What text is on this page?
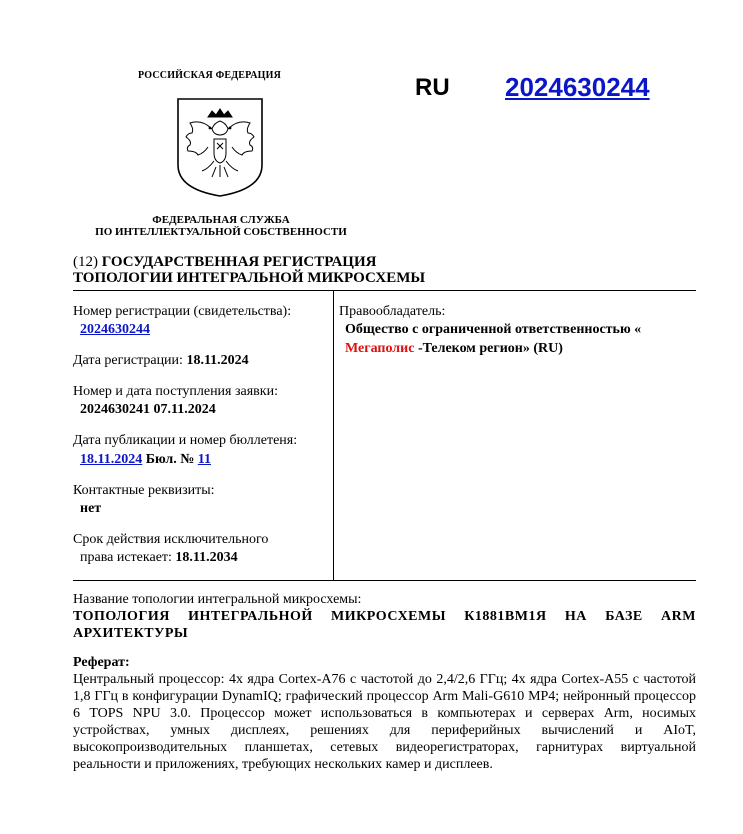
РОССИЙСКАЯ ФЕДЕРАЦИЯ
ФЕДЕРАЛЬНАЯ СЛУЖБА
ПО ИНТЕЛЛЕКТУАЛЬНОЙ СОБСТВЕННОСТИ
RU 2024630244
(12) ГОСУДАРСТВЕННАЯ РЕГИСТРАЦИЯ
ТОПОЛОГИИ ИНТЕГРАЛЬНОЙ МИКРОСХЕМЫ
Номер регистрации (свидетельства):
2024630244
Дата регистрации: 18.11.2024
Номер и дата поступления заявки:
2024630241 07.11.2024
Дата публикации и номер бюллетеня:
18.11.2024 Бюл. № 11
Контактные реквизиты:
нет
Срок действия исключительного
права истекает: 18.11.2034
Правообладатель:
Общество с ограниченной ответственностью «
Мегаполис -Телеком регион» (RU)
Название топологии интегральной микросхемы:
ТОПОЛОГИЯ ИНТЕГРАЛЬНОЙ МИКРОСХЕМЫ К1881ВМ1Я НА БАЗЕ ARM АРХИТЕКТУРЫ
Реферат:
Центральный процессор: 4х ядра Cortex-A76 с частотой до 2,4/2,6 ГГц; 4х ядра Cortex-A55 с частотой 1,8 ГГц в конфигурации DynamIQ; графический процессор Arm Mali-G610 MP4; нейронный процессор 6 TOPS NPU 3.0. Процессор может использоваться в компьютерах и серверах Arm, носимых устройствах, умных дисплеях, решениях для периферийных вычислений и AIoT, высокопроизводительных планшетах, сетевых видеорегистраторах, гарнитурах виртуальной реальности и приложениях, требующих нескольких камер и дисплеев.
